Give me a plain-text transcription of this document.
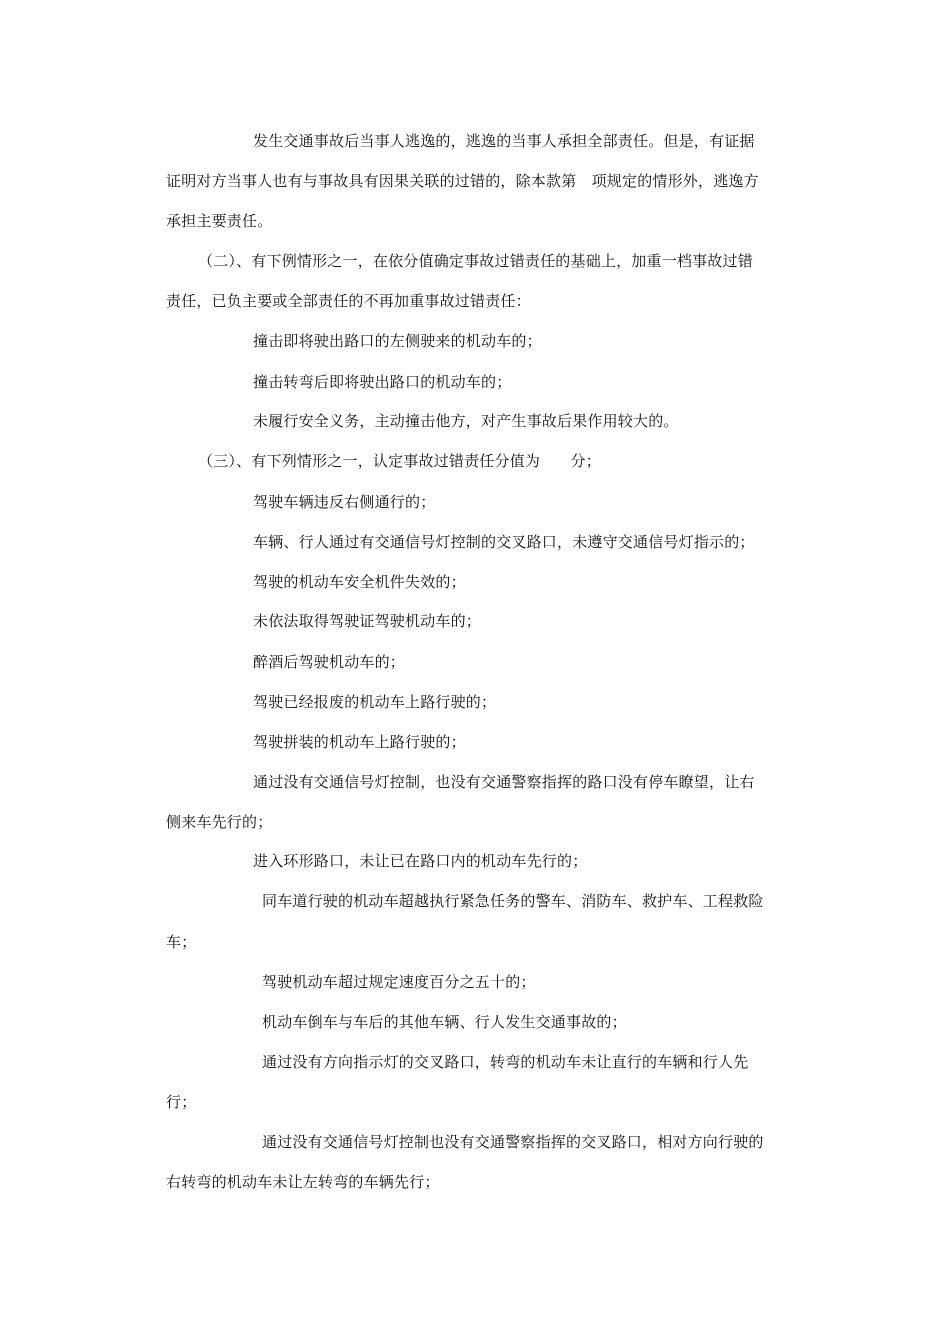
发生交通事故后当事人逃逸的，逃逸的当事人承担全部责任。但是，有证据
证明对方当事人也有与事故具有因果关联的过错的，除本款第　项规定的情形外，逃逸方
承担主要责任。
（二）、有下例情形之一，在依分值确定事故过错责任的基础上，加重一档事故过错
责任，已负主要或全部责任的不再加重事故过错责任：
撞击即将驶出路口的左侧驶来的机动车的；
撞击转弯后即将驶出路口的机动车的；
未履行安全义务，主动撞击他方，对产生事故后果作用较大的。
（三）、有下列情形之一，认定事故过错责任分值为　　分；
驾驶车辆违反右侧通行的；
车辆、行人通过有交通信号灯控制的交叉路口，未遵守交通信号灯指示的；
驾驶的机动车安全机件失效的；
未依法取得驾驶证驾驶机动车的；
醉酒后驾驶机动车的；
驾驶已经报废的机动车上路行驶的；
驾驶拼装的机动车上路行驶的；
通过没有交通信号灯控制，也没有交通警察指挥的路口没有停车瞭望，让右
侧来车先行的；
进入环形路口，未让已在路口内的机动车先行的；
同车道行驶的机动车超越执行紧急任务的警车、消防车、救护车、工程救险
车；
驾驶机动车超过规定速度百分之五十的；
机动车倒车与车后的其他车辆、行人发生交通事故的；
通过没有方向指示灯的交叉路口，转弯的机动车未让直行的车辆和行人先
行；
通过没有交通信号灯控制也没有交通警察指挥的交叉路口，相对方向行驶的
右转弯的机动车未让左转弯的车辆先行；
